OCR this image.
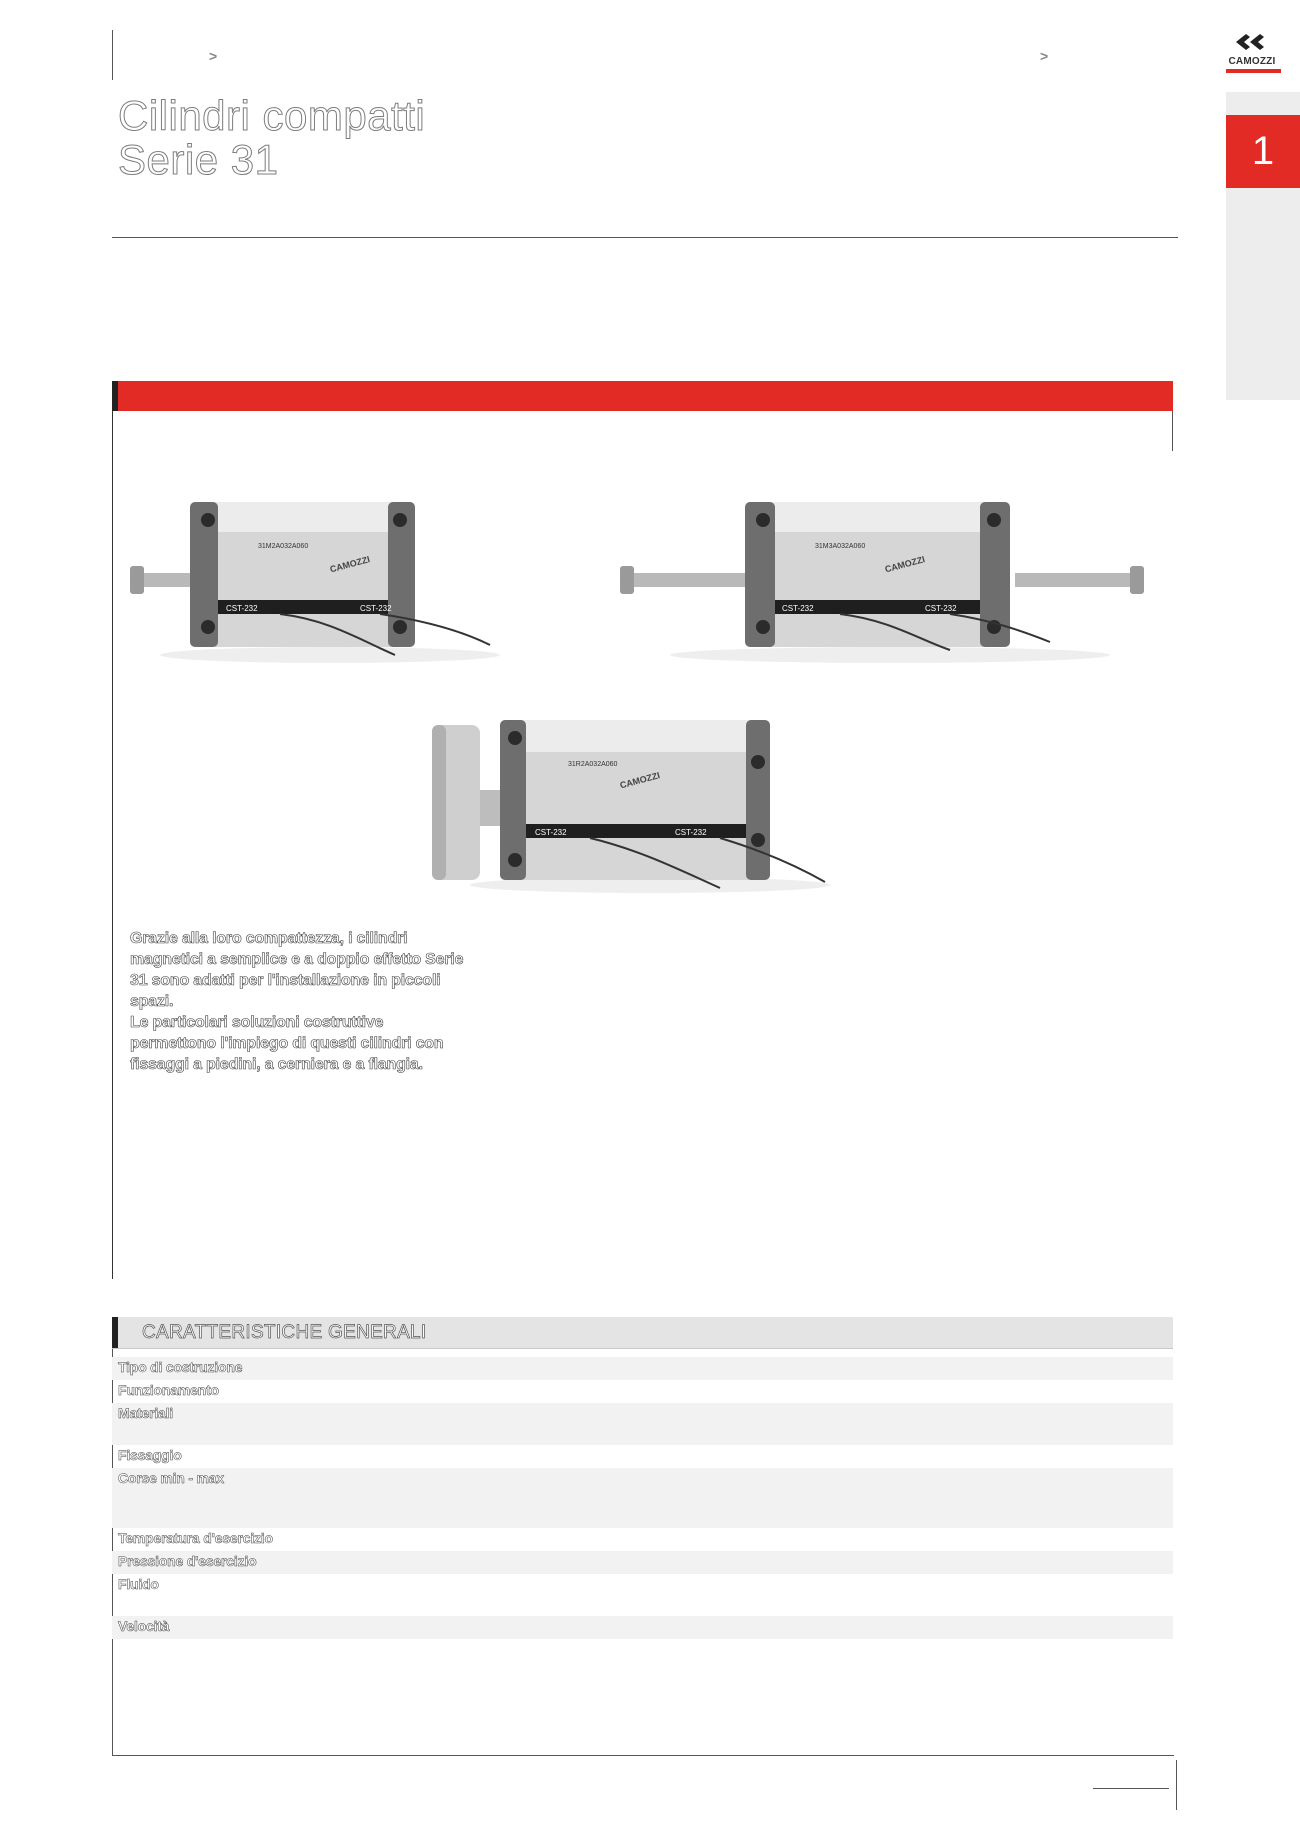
>	>
Cilindri compatti
Serie 31
CAMOZZI
1
CST-232	CST-232
31M2A032A060
CAMOZZI
CST-232	CST-232
31M3A032A060
CAMOZZI
CST-232	CST-232
31R2A032A060
CAMOZZI

Grazie alla loro compattezza, i cilindri magnetici a semplice e a doppio effetto Serie 31 sono adatti per l'installazione in piccoli spazi.
Le particolari soluzioni costruttive permettono l'impiego di questi cilindri con fissaggi a piedini, a cerniera e a flangia.

CARATTERISTICHE GENERALI
Tipo di costruzione
Funzionamento
Materiali
Fissaggio
Corse min - max
Temperatura d'esercizio
Pressione d'esercizio
Fluido
Velocità
